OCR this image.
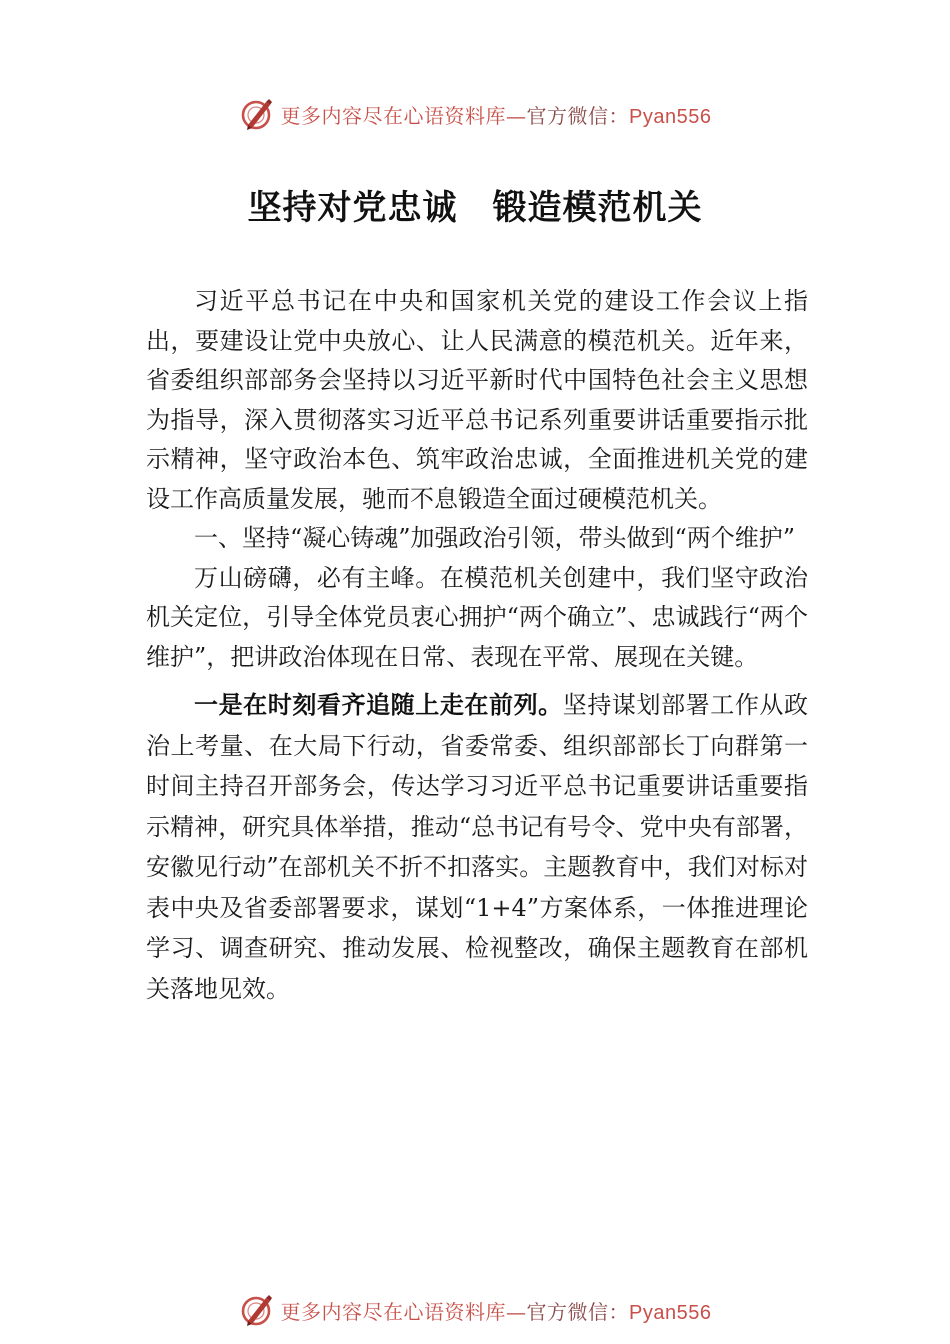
更多内容尽在心语资料库—官方微信：Pyan556
坚持对党忠诚　锻造模范机关

习近平总书记在中央和国家机关党的建设工作会议上指出，要建设让党中央放心、让人民满意的模范机关。近年来，省委组织部部务会坚持以习近平新时代中国特色社会主义思想为指导，深入贯彻落实习近平总书记系列重要讲话重要指示批示精神，坚守政治本色、筑牢政治忠诚，全面推进机关党的建设工作高质量发展，驰而不息锻造全面过硬模范机关。

一、坚持“凝心铸魂”加强政治引领，带头做到“两个维护”

万山磅礴，必有主峰。在模范机关创建中，我们坚守政治机关定位，引导全体党员衷心拥护“两个确立”、忠诚践行“两个维护”，把讲政治体现在日常、表现在平常、展现在关键。

一是在时刻看齐追随上走在前列。坚持谋划部署工作从政治上考量、在大局下行动，省委常委、组织部部长丁向群第一时间主持召开部务会，传达学习习近平总书记重要讲话重要指示精神，研究具体举措，推动“总书记有号令、党中央有部署，安徽见行动”在部机关不折不扣落实。主题教育中，我们对标对表中央及省委部署要求，谋划“1+4”方案体系，一体推进理论学习、调查研究、推动发展、检视整改，确保主题教育在部机关落地见效。

更多内容尽在心语资料库—官方微信：Pyan556
